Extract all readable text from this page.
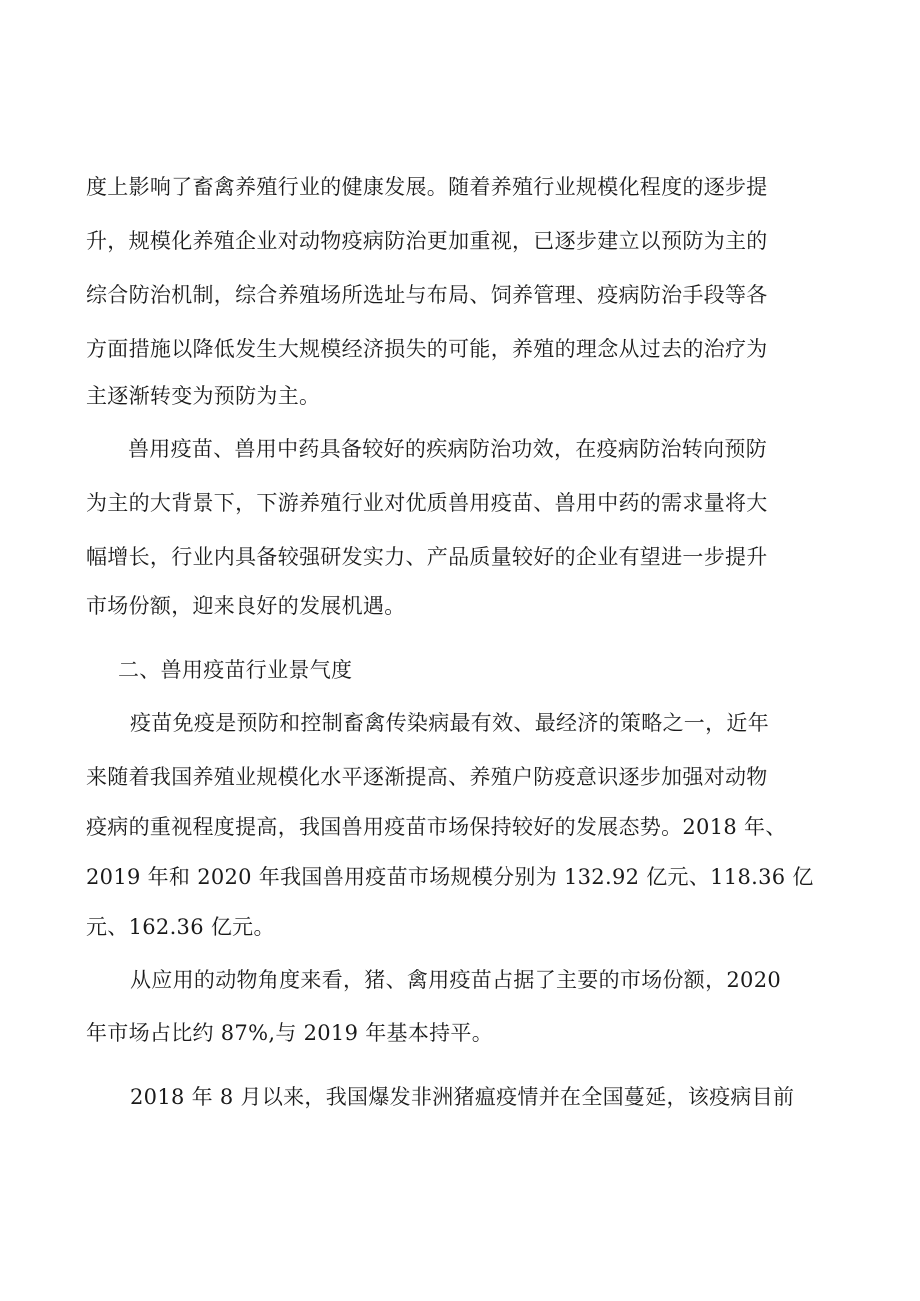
度上影响了畜禽养殖行业的健康发展。随着养殖行业规模化程度的逐步提
升，规模化养殖企业对动物疫病防治更加重视，已逐步建立以预防为主的
综合防治机制，综合养殖场所选址与布局、饲养管理、疫病防治手段等各
方面措施以降低发生大规模经济损失的可能，养殖的理念从过去的治疗为
主逐渐转变为预防为主。
兽用疫苗、兽用中药具备较好的疾病防治功效，在疫病防治转向预防
为主的大背景下，下游养殖行业对优质兽用疫苗、兽用中药的需求量将大
幅增长，行业内具备较强研发实力、产品质量较好的企业有望进一步提升
市场份额，迎来良好的发展机遇。
二、兽用疫苗行业景气度
疫苗免疫是预防和控制畜禽传染病最有效、最经济的策略之一，近年
来随着我国养殖业规模化水平逐渐提高、养殖户防疫意识逐步加强对动物
疫病的重视程度提高，我国兽用疫苗市场保持较好的发展态势。2018 年、
2019 年和 2020 年我国兽用疫苗市场规模分别为 132.92 亿元、118.36 亿
元、162.36 亿元。
从应用的动物角度来看，猪、禽用疫苗占据了主要的市场份额，2020
年市场占比约 87%,与 2019 年基本持平。
2018 年 8 月以来，我国爆发非洲猪瘟疫情并在全国蔓延，该疫病目前
